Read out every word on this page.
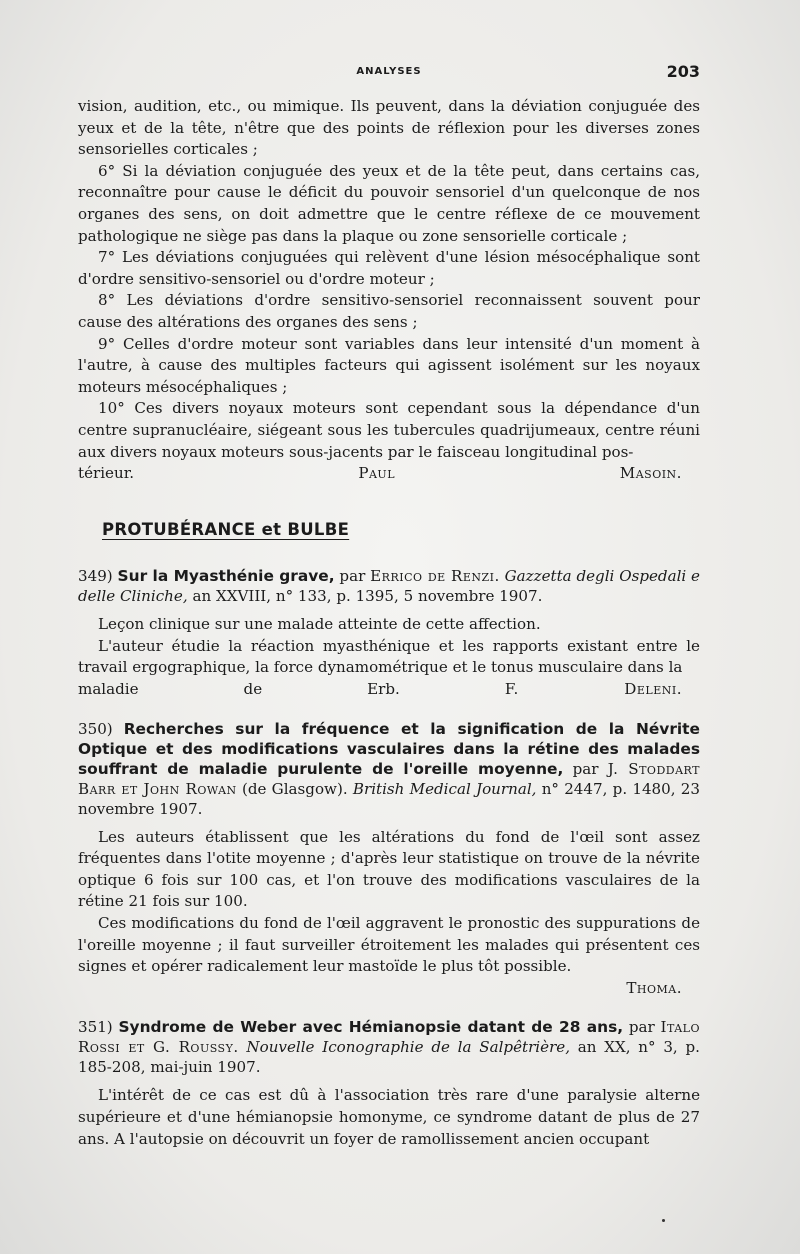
ANALYSES	203

vision, audition, etc., ou mimique. Ils peuvent, dans la déviation conjuguée des yeux et de la tête, n'être que des points de réflexion pour les diverses zones sensorielles corticales ;

6° Si la déviation conjuguée des yeux et de la tête peut, dans certains cas, reconnaître pour cause le déficit du pouvoir sensoriel d'un quelconque de nos organes des sens, on doit admettre que le centre réflexe de ce mouvement pathologique ne siège pas dans la plaque ou zone sensorielle corticale ;

7° Les déviations conjuguées qui relèvent d'une lésion mésocéphalique sont d'ordre sensitivo-sensoriel ou d'ordre moteur ;

8° Les déviations d'ordre sensitivo-sensoriel reconnaissent souvent pour cause des altérations des organes des sens ;

9° Celles d'ordre moteur sont variables dans leur intensité d'un moment à l'autre, à cause des multiples facteurs qui agissent isolément sur les noyaux moteurs mésocéphaliques ;

10° Ces divers noyaux moteurs sont cependant sous la dépendance d'un centre supranucléaire, siégeant sous les tubercules quadrijumeaux, centre réuni aux divers noyaux moteurs sous-jacents par le faisceau longitudinal pos-

térieur.	Paul Masoin.

PROTUBÉRANCE et BULBE

349) Sur la Myasthénie grave, par Errico de Renzi. Gazzetta degli Ospedali e delle Cliniche, an XXVIII, n° 133, p. 1395, 5 novembre 1907.

Leçon clinique sur une malade atteinte de cette affection.

L'auteur étudie la réaction myasthénique et les rapports existant entre le travail ergographique, la force dynamométrique et le tonus musculaire dans la

maladie de Erb.	F. Deleni.

350) Recherches sur la fréquence et la signification de la Névrite Optique et des modifications vasculaires dans la rétine des malades souffrant de maladie purulente de l'oreille moyenne, par J. Stoddart Barr et John Rowan (de Glasgow). British Medical Journal, n° 2447, p. 1480, 23 novembre 1907.

Les auteurs établissent que les altérations du fond de l'œil sont assez fréquentes dans l'otite moyenne ; d'après leur statistique on trouve de la névrite optique 6 fois sur 100 cas, et l'on trouve des modifications vasculaires de la rétine 21 fois sur 100.

Ces modifications du fond de l'œil aggravent le pronostic des suppurations de l'oreille moyenne ; il faut surveiller étroitement les malades qui présentent ces signes et opérer radicalement leur mastoïde le plus tôt possible.

Thoma.

351) Syndrome de Weber avec Hémianopsie datant de 28 ans, par Italo Rossi et G. Roussy. Nouvelle Iconographie de la Salpêtrière, an XX, n° 3, p. 185-208, mai-juin 1907.

L'intérêt de ce cas est dû à l'association très rare d'une paralysie alterne supérieure et d'une hémianopsie homonyme, ce syndrome datant de plus de 27 ans. A l'autopsie on découvrit un foyer de ramollissement ancien occupant
